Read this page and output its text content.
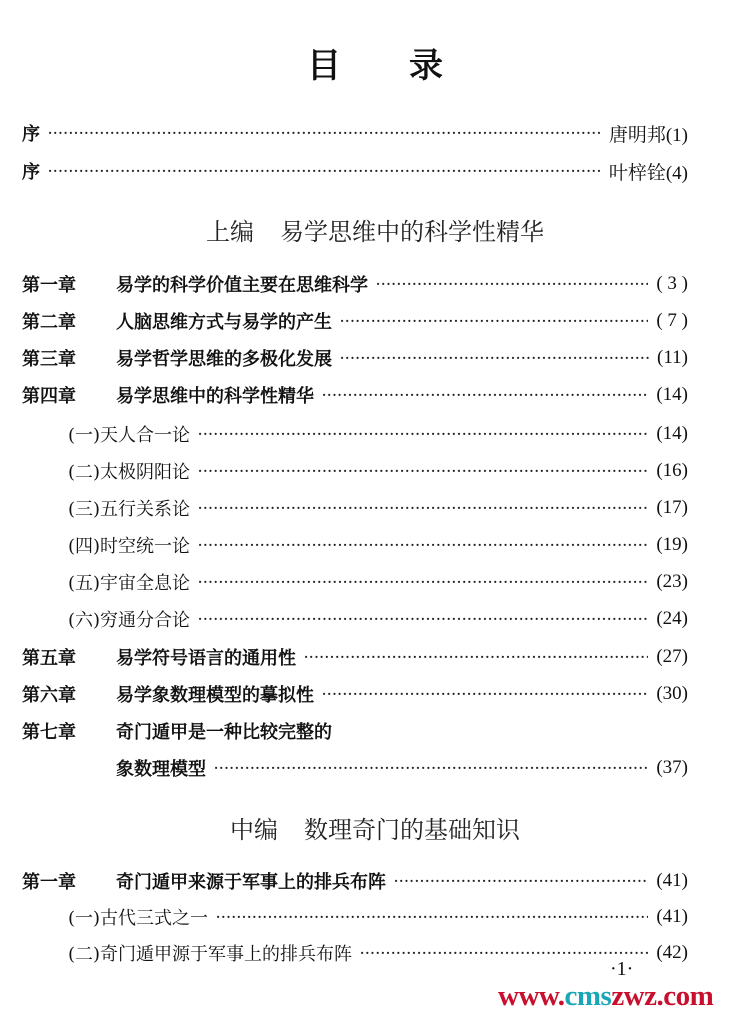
目 录
序 ·····	唐明邦(1)
序 ·····	叶梓铨(4)
上编 易学思维中的科学性精华
第一章 易学的科学价值主要在思维科学 ·····	( 3 )
第二章 人脑思维方式与易学的产生 ·····	( 7 )
第三章 易学哲学思维的多极化发展 ·····	(11)
第四章 易学思维中的科学性精华 ·····	(14)
(一)天人合一论 ·····	(14)
(二)太极阴阳论 ·····	(16)
(三)五行关系论 ·····	(17)
(四)时空统一论 ·····	(19)
(五)宇宙全息论 ·····	(23)
(六)穷通分合论 ·····	(24)
第五章 易学符号语言的通用性 ·····	(27)
第六章 易学象数理模型的摹拟性 ·····	(30)
第七章 奇门遁甲是一种比较完整的
象数理模型 ·····	(37)
中编 数理奇门的基础知识
第一章 奇门遁甲来源于军事上的排兵布阵 ·····	(41)
(一)古代三式之一 ·····	(41)
(二)奇门遁甲源于军事上的排兵布阵 ·····	(42)
·1·
www.cmszwz.com
